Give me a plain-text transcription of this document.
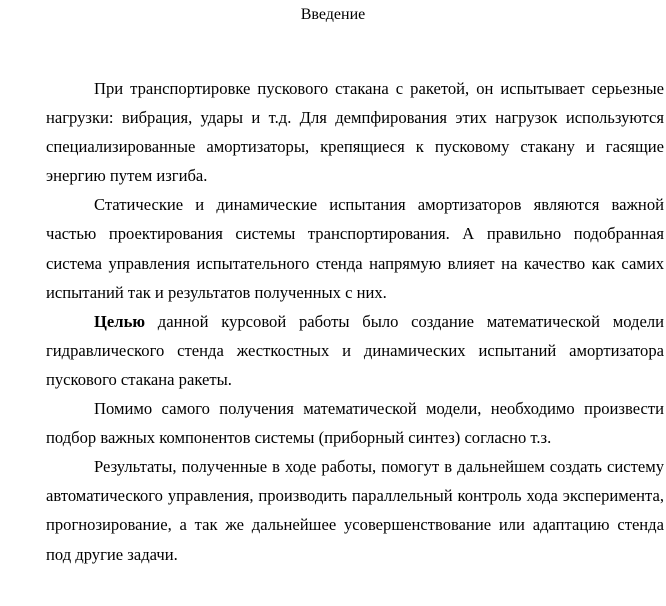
Введение

При транспортировке пускового стакана с ракетой, он испытывает серьезные нагрузки: вибрация, удары и т.д. Для демпфирования этих нагрузок используются специализированные амортизаторы, крепящиеся к пусковому стакану и гасящие энергию путем изгиба.

Статические и динамические испытания амортизаторов являются важной частью проектирования системы транспортирования. А правильно подобранная система управления испытательного стенда напрямую влияет на качество как самих испытаний так и результатов полученных с них.

Целью данной курсовой работы было создание математической модели гидравлического стенда жесткостных и динамических испытаний амортизатора пускового стакана ракеты.

Помимо самого получения математической модели, необходимо произвести подбор важных компонентов системы (приборный синтез) согласно т.з.

Результаты, полученные в ходе работы, помогут в дальнейшем создать систему автоматического управления, производить параллельный контроль хода эксперимента, прогнозирование, а так же дальнейшее усовершенствование или адаптацию стенда под другие задачи.
